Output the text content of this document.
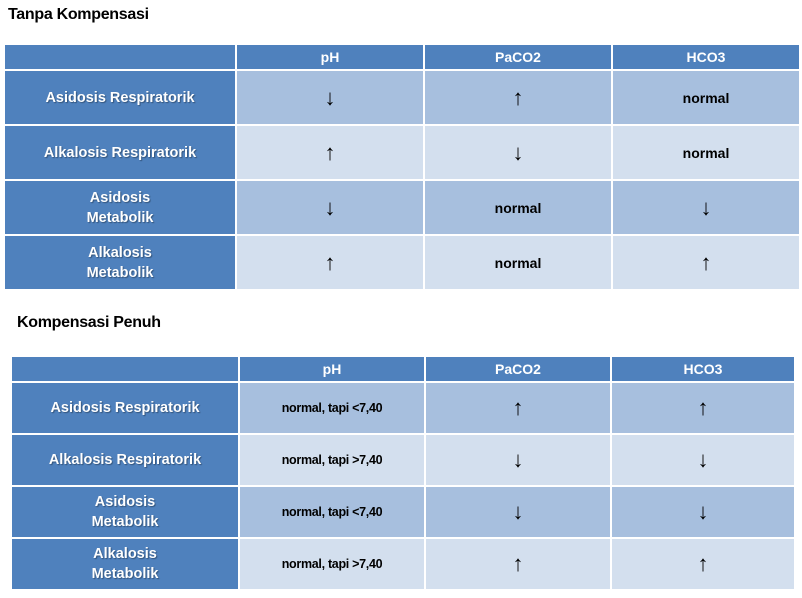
Tanpa Kompensasi
	pH	PaCO2	HCO3
Asidosis Respiratorik	↓	↑	normal
Alkalosis Respiratorik	↑	↓	normal
Asidosis
Metabolik	↓	normal	↓
Alkalosis
Metabolik	↑	normal	↑
Kompensasi Penuh
	pH	PaCO2	HCO3
Asidosis Respiratorik	normal, tapi <7,40	↑	↑
Alkalosis Respiratorik	normal, tapi >7,40	↓	↓
Asidosis
Metabolik	normal, tapi <7,40	↓	↓
Alkalosis
Metabolik	normal, tapi >7,40	↑	↑
